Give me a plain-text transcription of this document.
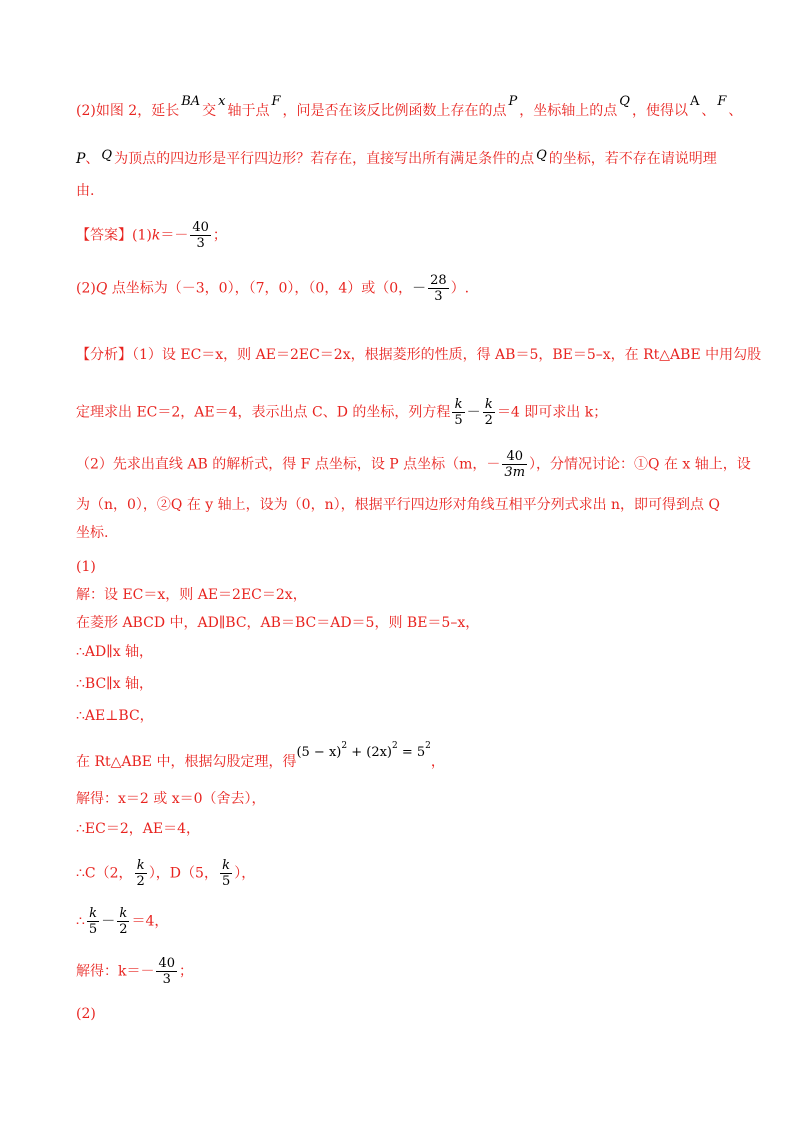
(2)如图 2，延长BA交x轴于点F，问是否在该反比例函数上存在的点P，坐标轴上的点Q，使得以A、F、
P、 Q 为顶点的四边形是平行四边形？若存在，直接写出所有满足条件的点 Q 的坐标，若不存在请说明理
由.
【答案】$(1)k=- \frac{40}{3}$ ；
(2)Q 点坐标为（－3，0），（7，0），（0，4）或（0，－ $\frac{28}{3}$ ）.
【分析】（1）设 EC＝x，则 AE＝2EC＝2x，根据菱形的性质，得 AB＝5，BE＝5–x，在 Rt△ABE 中用勾股
定理求出 EC＝2，AE＝4，表示出点 C、D 的坐标，列方程 $\frac{k}{5} - \frac{k}{2} =4$ 即可求出 k；
（2）先求出直线 AB 的解析式，得 F 点坐标，设 P 点坐标（m，－ $\frac{40}{3m}$ ），分情况讨论：①Q 在 x 轴上，设
为（n，0），②Q 在 y 轴上，设为（0，n），根据平行四边形对角线互相平分列式求出 n，即可得到点 Q
坐标.
(1)
解：设 EC＝x，则 AE＝2EC＝2x，
在菱形 ABCD 中，AD∥BC，AB＝BC＝AD＝5，则 BE＝5–x，
∴AD∥x 轴，
∴BC∥x 轴，
∴AE⊥BC，
在 Rt△ABE 中，根据勾股定理，得$(5 - x)^2 + (2x)^2 = 5^2$，
解得：x＝2 或 x＝0（舍去），
∴EC＝2，AE＝4，
∴C（2， $\frac{k}{2}$ ），D（5， $\frac{k}{5}$ ），
∴ $\frac{k}{5} - \frac{k}{2} =4$，
解得：$k=- \frac{40}{3}$ ；
(2)
